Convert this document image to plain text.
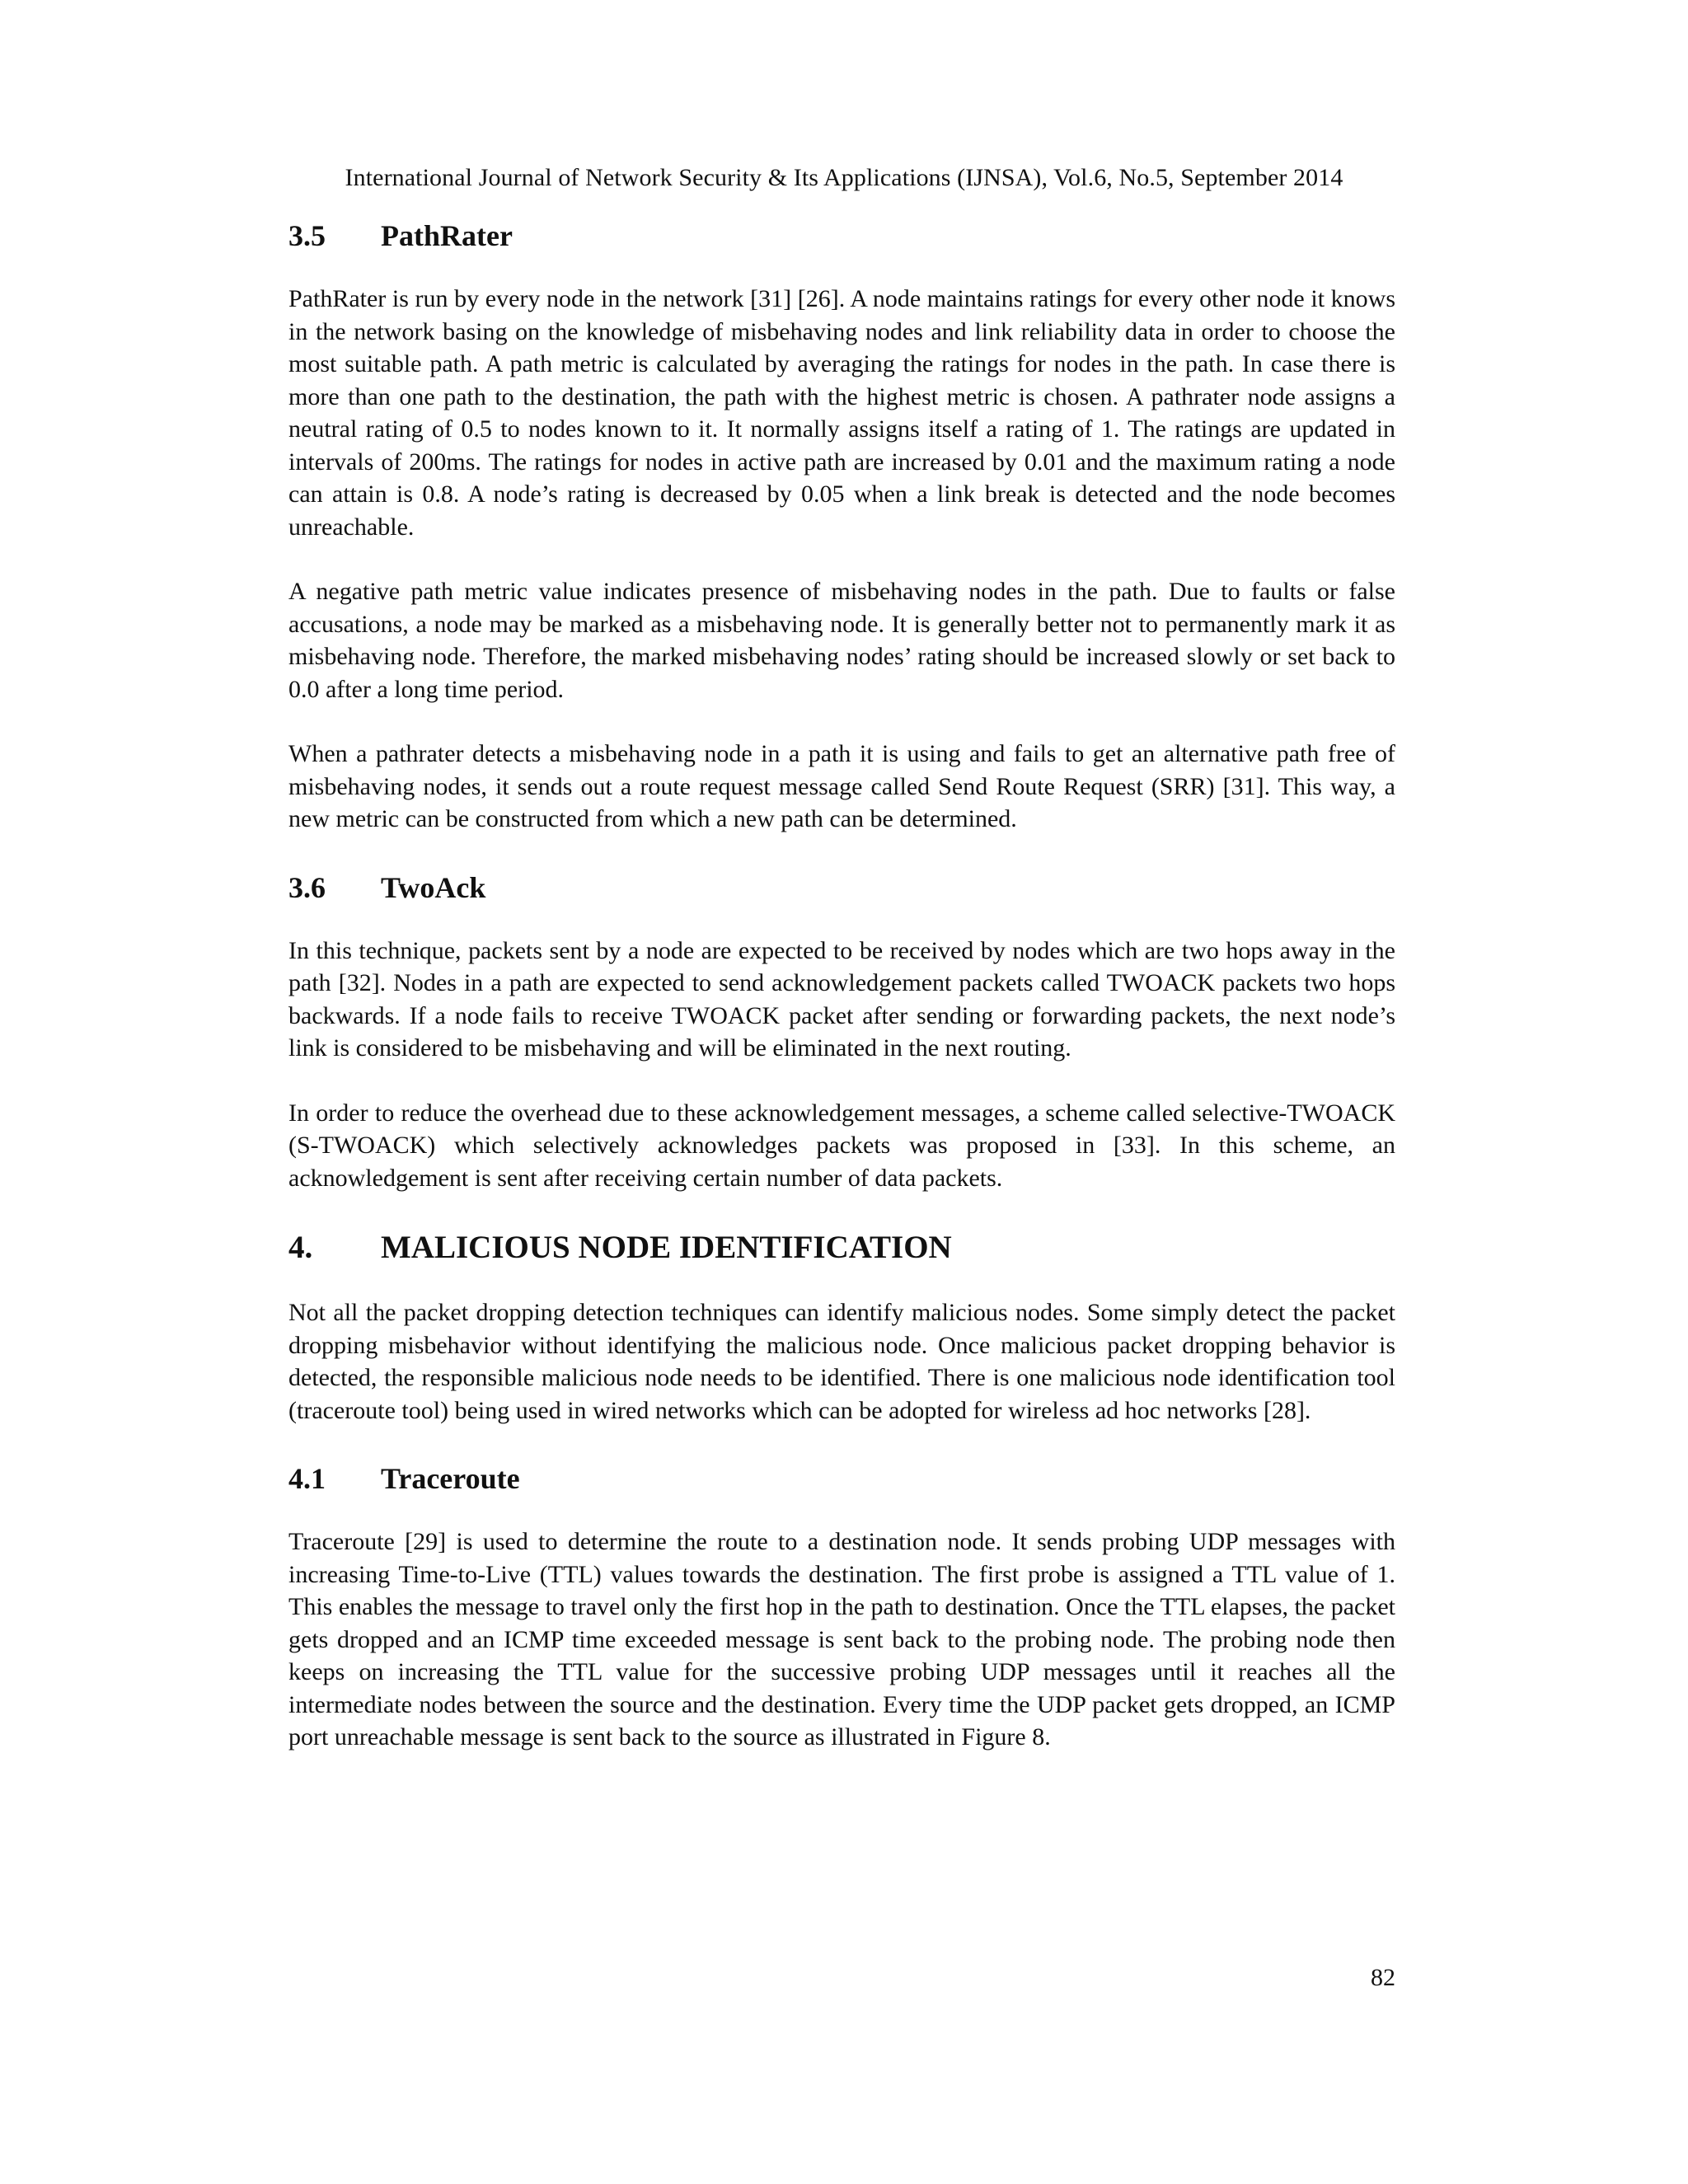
International Journal of Network Security & Its Applications (IJNSA), Vol.6, No.5, September 2014
3.5	PathRater

PathRater is run by every node in the network [31] [26]. A node maintains ratings for every other node it knows in the network basing on the knowledge of misbehaving nodes and link reliability data in order to choose the most suitable path. A path metric is calculated by averaging the ratings for nodes in the path. In case there is more than one path to the destination, the path with the highest metric is chosen. A pathrater node assigns a neutral rating of 0.5 to nodes known to it. It normally assigns itself a rating of 1. The ratings are updated in intervals of 200ms. The ratings for nodes in active path are increased by 0.01 and the maximum rating a node can attain is 0.8. A node’s rating is decreased by 0.05 when a link break is detected and the node becomes unreachable.

A negative path metric value indicates presence of misbehaving nodes in the path. Due to faults or false accusations, a node may be marked as a misbehaving node. It is generally better not to permanently mark it as misbehaving node. Therefore, the marked misbehaving nodes’ rating should be increased slowly or set back to 0.0 after a long time period.

When a pathrater detects a misbehaving node in a path it is using and fails to get an alternative path free of misbehaving nodes, it sends out a route request message called Send Route Request (SRR) [31]. This way, a new metric can be constructed from which a new path can be determined.

3.6	TwoAck

In this technique, packets sent by a node are expected to be received by nodes which are two hops away in the path [32]. Nodes in a path are expected to send acknowledgement packets called TWOACK packets two hops backwards. If a node fails to receive TWOACK packet after sending or forwarding packets, the next node’s link is considered to be misbehaving and will be eliminated in the next routing.

In order to reduce the overhead due to these acknowledgement messages, a scheme called selective-TWOACK (S-TWOACK) which selectively acknowledges packets was proposed in [33]. In this scheme, an acknowledgement is sent after receiving certain number of data packets.

4.	MALICIOUS NODE IDENTIFICATION

Not all the packet dropping detection techniques can identify malicious nodes. Some simply detect the packet dropping misbehavior without identifying the malicious node. Once malicious packet dropping behavior is detected, the responsible malicious node needs to be identified. There is one malicious node identification tool (traceroute tool) being used in wired networks which can be adopted for wireless ad hoc networks [28].

4.1	Traceroute

Traceroute [29] is used to determine the route to a destination node. It sends probing UDP messages with increasing Time-to-Live (TTL) values towards the destination. The first probe is assigned a TTL value of 1. This enables the message to travel only the first hop in the path to destination. Once the TTL elapses, the packet gets dropped and an ICMP time exceeded message is sent back to the probing node. The probing node then keeps on increasing the TTL value for the successive probing UDP messages until it reaches all the intermediate nodes between the source and the destination. Every time the UDP packet gets dropped, an ICMP port unreachable message is sent back to the source as illustrated in Figure 8.

82
